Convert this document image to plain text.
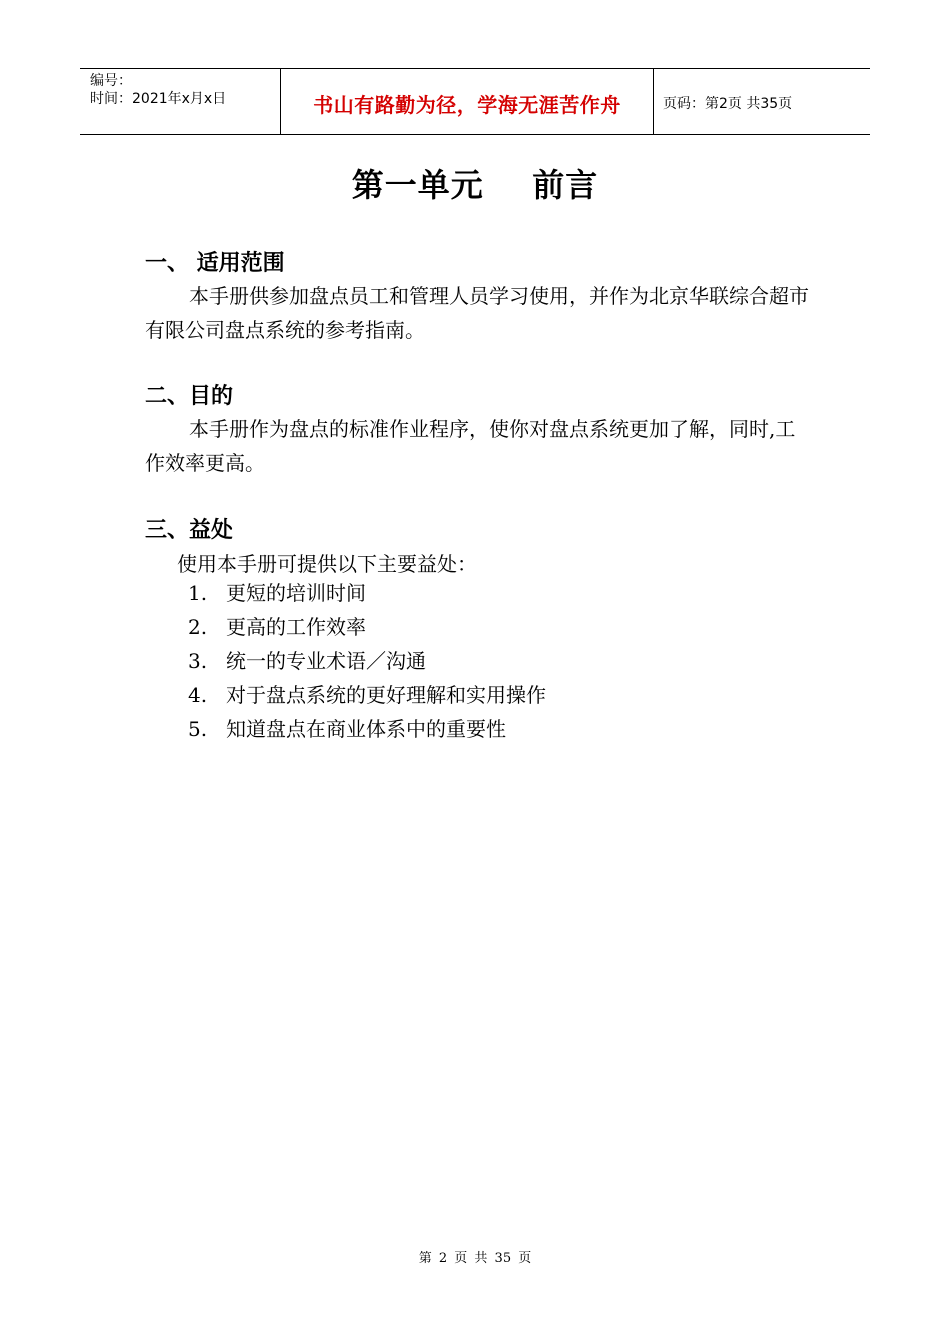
编号：
时间：2021年x月x日	书山有路勤为径，学海无涯苦作舟	页码：第2页 共35页
第一单元    前言
一、 适用范围
本手册供参加盘点员工和管理人员学习使用，并作为北京华联综合超市有限公司盘点系统的参考指南。
二、目的
本手册作为盘点的标准作业程序，使你对盘点系统更加了解，同时,工作效率更高。
三、益处
使用本手册可提供以下主要益处：
1. 更短的培训时间
2. 更高的工作效率
3. 统一的专业术语／沟通
4. 对于盘点系统的更好理解和实用操作
5. 知道盘点在商业体系中的重要性
第 2 页 共 35 页
